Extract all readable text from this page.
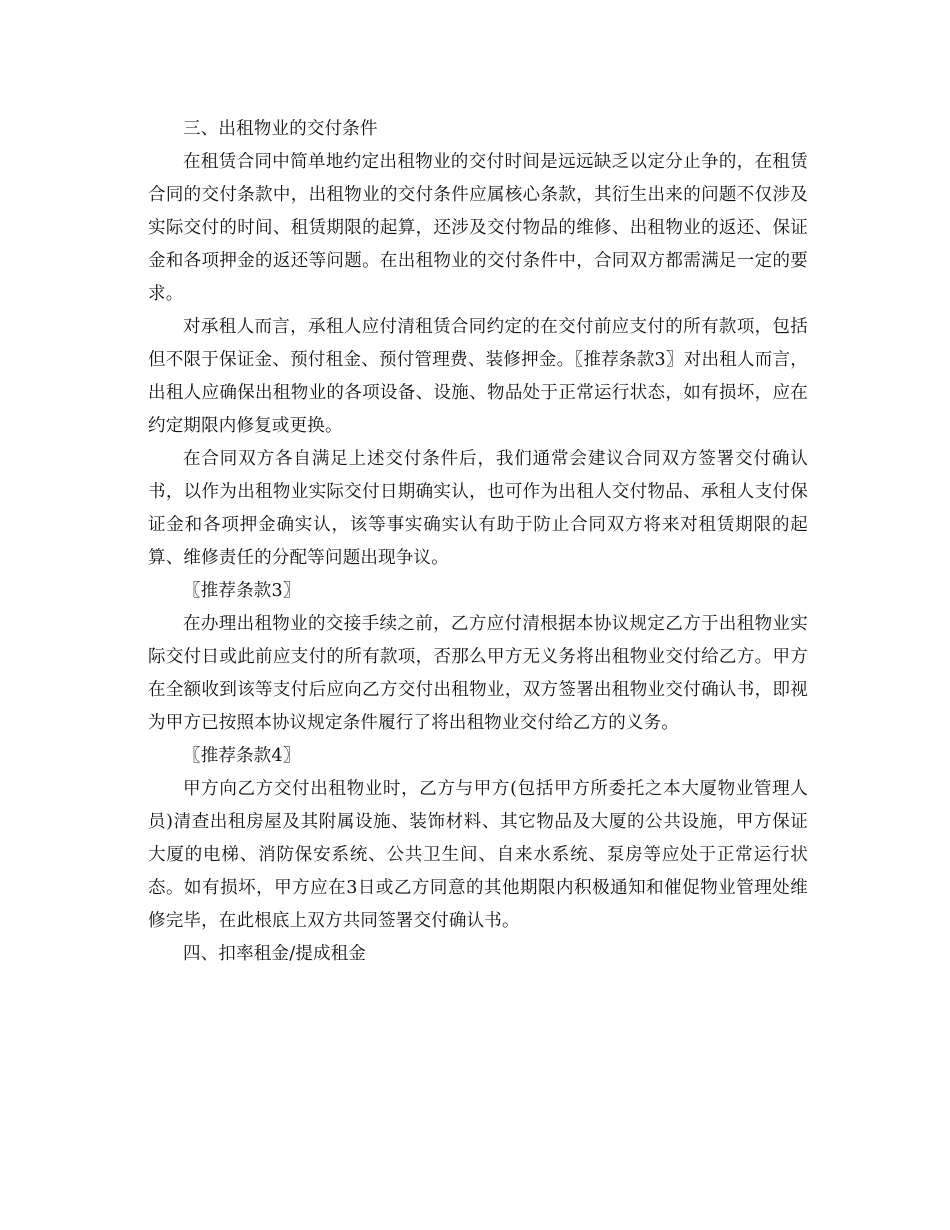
三、出租物业的交付条件

在租赁合同中简单地约定出租物业的交付时间是远远缺乏以定分止争的，在租赁合同的交付条款中，出租物业的交付条件应属核心条款，其衍生出来的问题不仅涉及实际交付的时间、租赁期限的起算，还涉及交付物品的维修、出租物业的返还、保证金和各项押金的返还等问题。在出租物业的交付条件中，合同双方都需满足一定的要求。

对承租人而言，承租人应付清租赁合同约定的在交付前应支付的所有款项，包括但不限于保证金、预付租金、预付管理费、装修押金。〖推荐条款3〗对出租人而言，出租人应确保出租物业的各项设备、设施、物品处于正常运行状态，如有损坏，应在约定期限内修复或更换。

在合同双方各自满足上述交付条件后，我们通常会建议合同双方签署交付确认书，以作为出租物业实际交付日期确实认，也可作为出租人交付物品、承租人支付保证金和各项押金确实认，该等事实确实认有助于防止合同双方将来对租赁期限的起算、维修责任的分配等问题出现争议。

〖推荐条款3〗

在办理出租物业的交接手续之前，乙方应付清根据本协议规定乙方于出租物业实际交付日或此前应支付的所有款项，否那么甲方无义务将出租物业交付给乙方。甲方在全额收到该等支付后应向乙方交付出租物业，双方签署出租物业交付确认书，即视为甲方已按照本协议规定条件履行了将出租物业交付给乙方的义务。

〖推荐条款4〗

甲方向乙方交付出租物业时，乙方与甲方(包括甲方所委托之本大厦物业管理人员)清查出租房屋及其附属设施、装饰材料、其它物品及大厦的公共设施，甲方保证大厦的电梯、消防保安系统、公共卫生间、自来水系统、泵房等应处于正常运行状态。如有损坏，甲方应在3日或乙方同意的其他期限内积极通知和催促物业管理处维修完毕，在此根底上双方共同签署交付确认书。

四、扣率租金/提成租金
